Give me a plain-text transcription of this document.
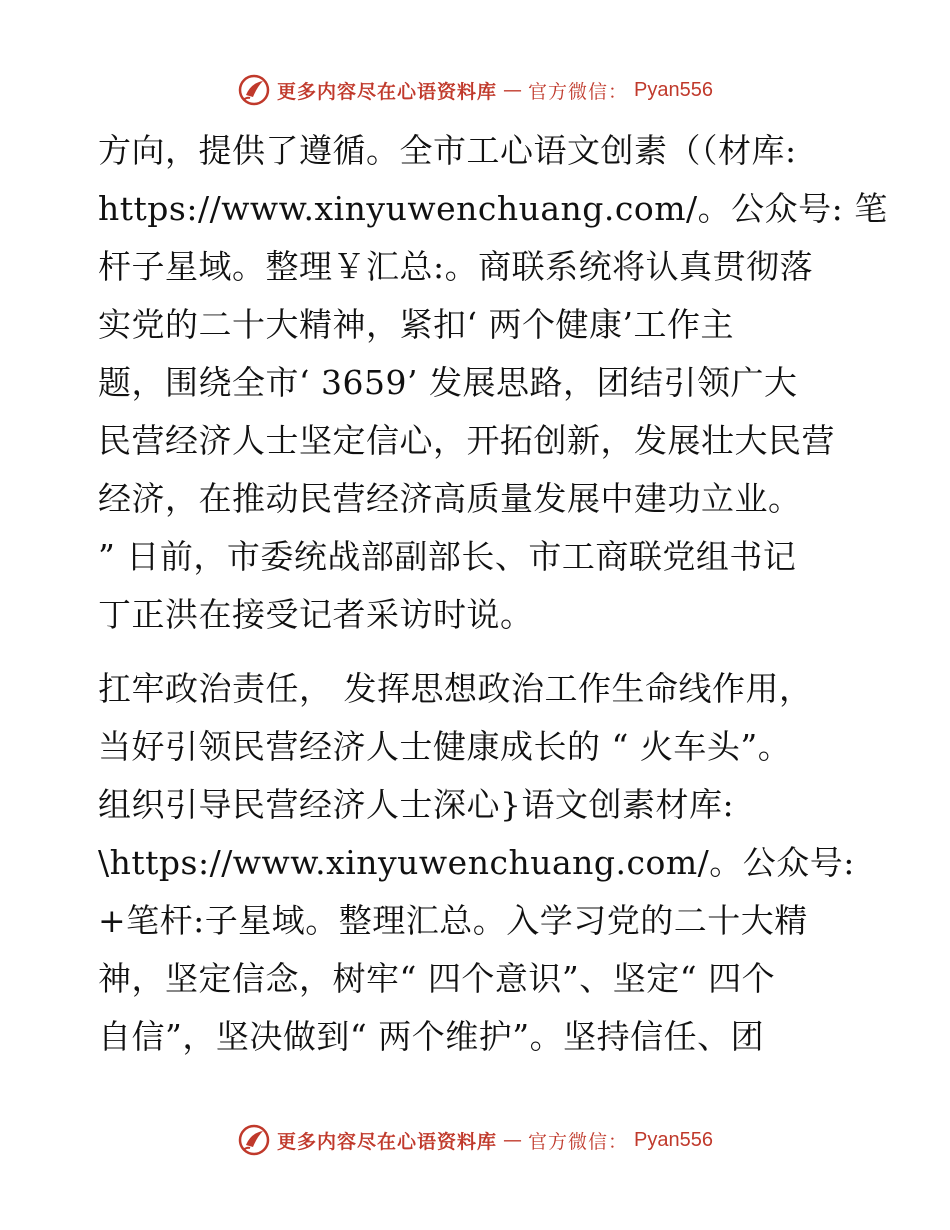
更多内容尽在心语资料库 — 官方微信： Pyan556
方向，提供了遵循。全市工心语文创素（（材库:
https://www.xinyuwenchuang.com/。公众号: 笔
杆子星域。整理￥汇总:。商联系统将认真贯彻落
实党的二十大精神，紧扣‘ 两个健康’工作主
题，围绕全市‘ 3659’ 发展思路，团结引领广大
民营经济人士坚定信心，开拓创新，发展壮大民营
经济，在推动民营经济高质量发展中建功立业。
” 日前，市委统战部副部长、市工商联党组书记
丁正洪在接受记者采访时说。
扛牢政治责任， 发挥思想政治工作生命线作用，
当好引领民营经济人士健康成长的 “ 火车头”。
组织引导民营经济人士深心}语文创素材库:
\https://www.xinyuwenchuang.com/。公众号:
+笔杆:子星域。整理汇总。入学习党的二十大精
神，坚定信念，树牢“ 四个意识”、坚定“ 四个
自信”，坚决做到“ 两个维护”。坚持信任、团
更多内容尽在心语资料库 — 官方微信： Pyan556
